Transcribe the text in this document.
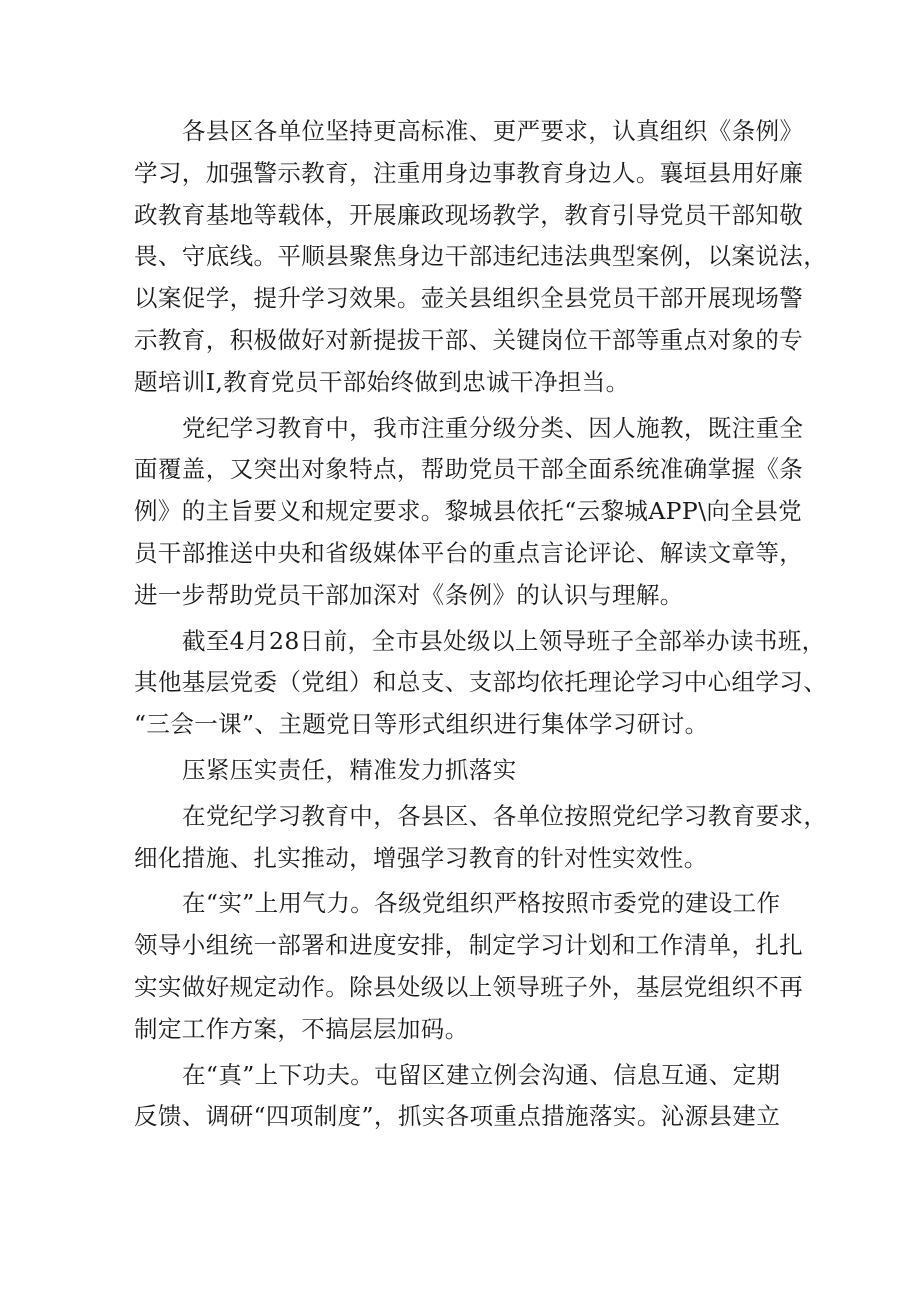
各县区各单位坚持更高标准、更严要求，认真组织《条例》
学习，加强警示教育，注重用身边事教育身边人。襄垣县用好廉
政教育基地等载体，开展廉政现场教学，教育引导党员干部知敬
畏、守底线。平顺县聚焦身边干部违纪违法典型案例，以案说法，
以案促学，提升学习效果。壶关县组织全县党员干部开展现场警
示教育，积极做好对新提拔干部、关键岗位干部等重点对象的专
题培训I,教育党员干部始终做到忠诚干净担当。
党纪学习教育中，我市注重分级分类、因人施教，既注重全
面覆盖，又突出对象特点，帮助党员干部全面系统准确掌握《条
例》的主旨要义和规定要求。黎城县依托“云黎城APP\向全县党
员干部推送中央和省级媒体平台的重点言论评论、解读文章等，
进一步帮助党员干部加深对《条例》的认识与理解。
截至4月28日前，全市县处级以上领导班子全部举办读书班，
其他基层党委（党组）和总支、支部均依托理论学习中心组学习、
“三会一课”、主题党日等形式组织进行集体学习研讨。
压紧压实责任，精准发力抓落实
在党纪学习教育中，各县区、各单位按照党纪学习教育要求，
细化措施、扎实推动，增强学习教育的针对性实效性。
在“实”上用气力。各级党组织严格按照市委党的建设工作
领导小组统一部署和进度安排，制定学习计划和工作清单，扎扎
实实做好规定动作。除县处级以上领导班子外，基层党组织不再
制定工作方案，不搞层层加码。
在“真”上下功夫。屯留区建立例会沟通、信息互通、定期
反馈、调研“四项制度”，抓实各项重点措施落实。沁源县建立
